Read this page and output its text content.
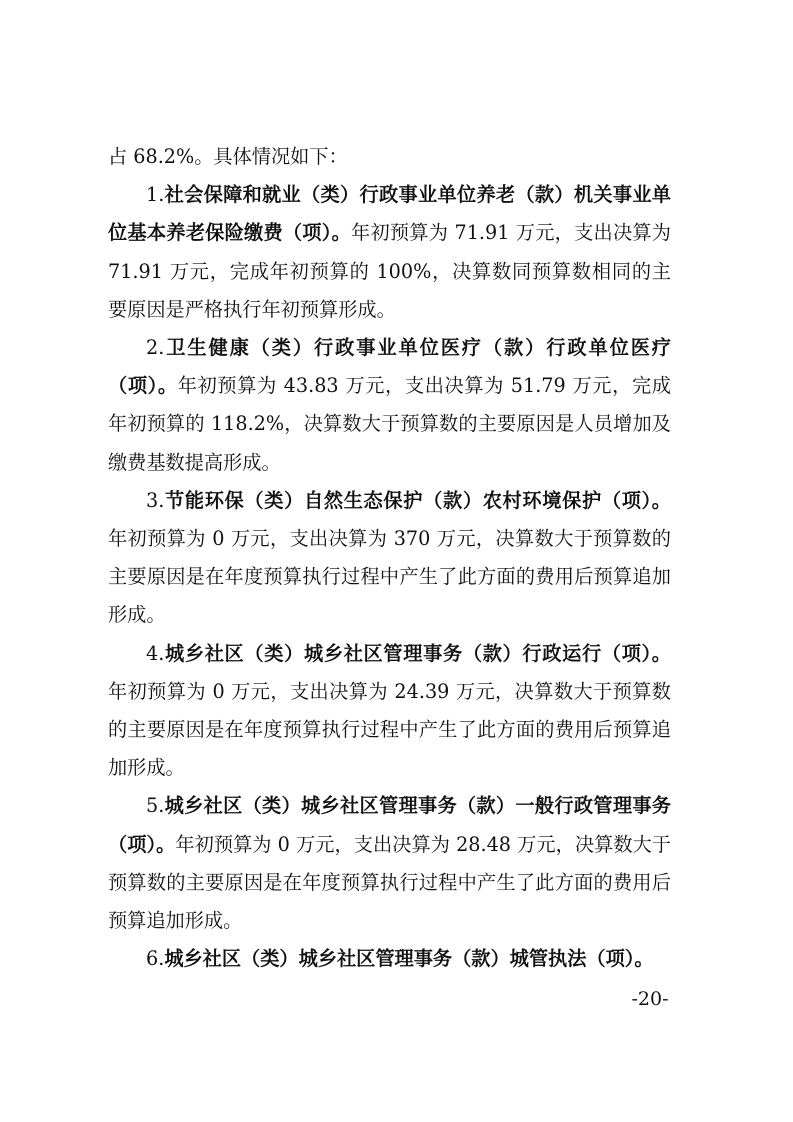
占 68.2%。具体情况如下：

1.社会保障和就业（类）行政事业单位养老（款）机关事业单位基本养老保险缴费（项）。年初预算为 71.91 万元，支出决算为 71.91 万元，完成年初预算的 100%，决算数同预算数相同的主要原因是严格执行年初预算形成。

2.卫生健康（类）行政事业单位医疗（款）行政单位医疗（项）。年初预算为 43.83 万元，支出决算为 51.79 万元，完成年初预算的 118.2%，决算数大于预算数的主要原因是人员增加及缴费基数提高形成。

3.节能环保（类）自然生态保护（款）农村环境保护（项）。年初预算为 0 万元，支出决算为 370 万元，决算数大于预算数的主要原因是在年度预算执行过程中产生了此方面的费用后预算追加形成。

4.城乡社区（类）城乡社区管理事务（款）行政运行（项）。年初预算为 0 万元，支出决算为 24.39 万元，决算数大于预算数的主要原因是在年度预算执行过程中产生了此方面的费用后预算追加形成。

5.城乡社区（类）城乡社区管理事务（款）一般行政管理事务（项）。年初预算为 0 万元，支出决算为 28.48 万元，决算数大于预算数的主要原因是在年度预算执行过程中产生了此方面的费用后预算追加形成。

6.城乡社区（类）城乡社区管理事务（款）城管执法（项）。

-20-
